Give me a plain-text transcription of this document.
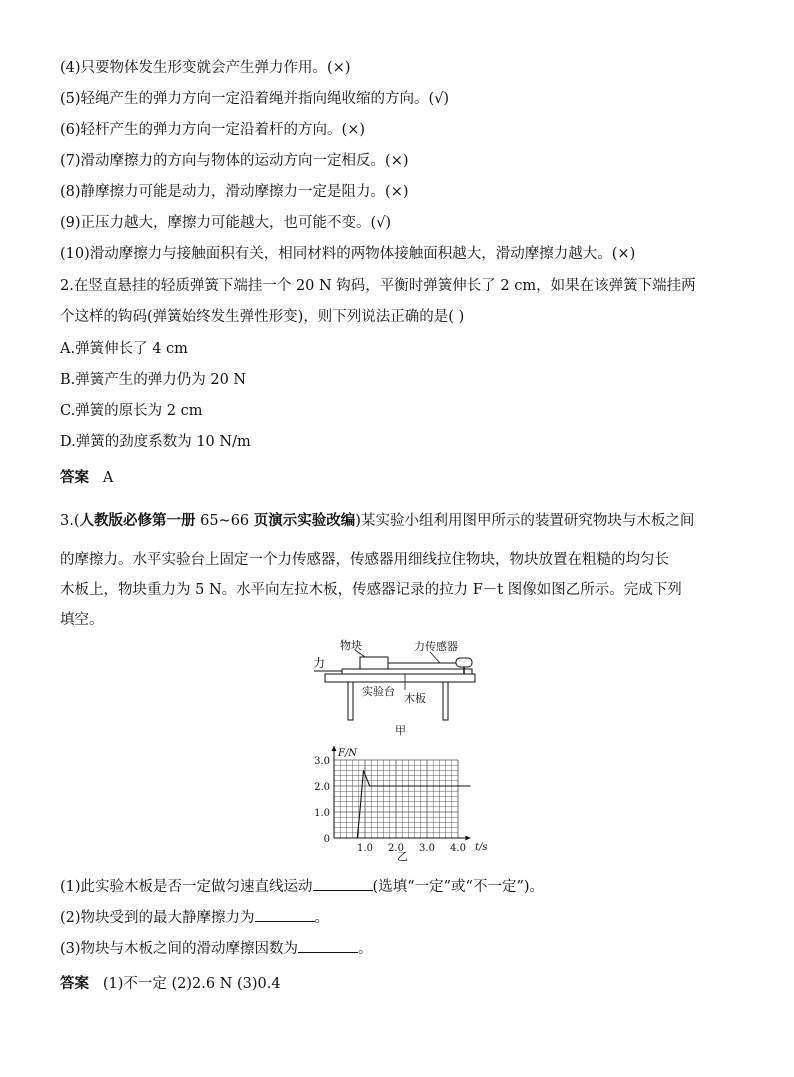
(4)只要物体发生形变就会产生弹力作用。(×)
(5)轻绳产生的弹力方向一定沿着绳并指向绳收缩的方向。(√)
(6)轻杆产生的弹力方向一定沿着杆的方向。(×)
(7)滑动摩擦力的方向与物体的运动方向一定相反。(×)
(8)静摩擦力可能是动力，滑动摩擦力一定是阻力。(×)
(9)正压力越大，摩擦力可能越大，也可能不变。(√)
(10)滑动摩擦力与接触面积有关，相同材料的两物体接触面积越大，滑动摩擦力越大。(×)
2.在竖直悬挂的轻质弹簧下端挂一个 20 N 钩码，平衡时弹簧伸长了 2 cm，如果在该弹簧下端挂两
个这样的钩码(弹簧始终发生弹性形变)，则下列说法正确的是( )
A.弹簧伸长了 4 cm
B.弹簧产生的弹力仍为 20 N
C.弹簧的原长为 2 cm
D.弹簧的劲度系数为 10 N/m
答案 A
3.(人教版必修第一册 65~66 页演示实验改编)某实验小组利用图甲所示的装置研究物块与木板之间
的摩擦力。水平实验台上固定一个力传感器，传感器用细线拉住物块，物块放置在粗糙的均匀长
木板上，物块重力为 5 N。水平向左拉木板，传感器记录的拉力 F－t 图像如图乙所示。完成下列
填空。
物块	力传感器
力
实验台
木板
甲
3.0
2.0
1.0
0
1.0 2.0 3.0 4.0
F/N
t/s
乙
(1)此实验木板是否一定做匀速直线运动	(选填“一定”或“不一定”)。
(2)物块受到的最大静摩擦力为	。
(3)物块与木板之间的滑动摩擦因数为	。
答案 (1)不一定 (2)2.6 N (3)0.4
